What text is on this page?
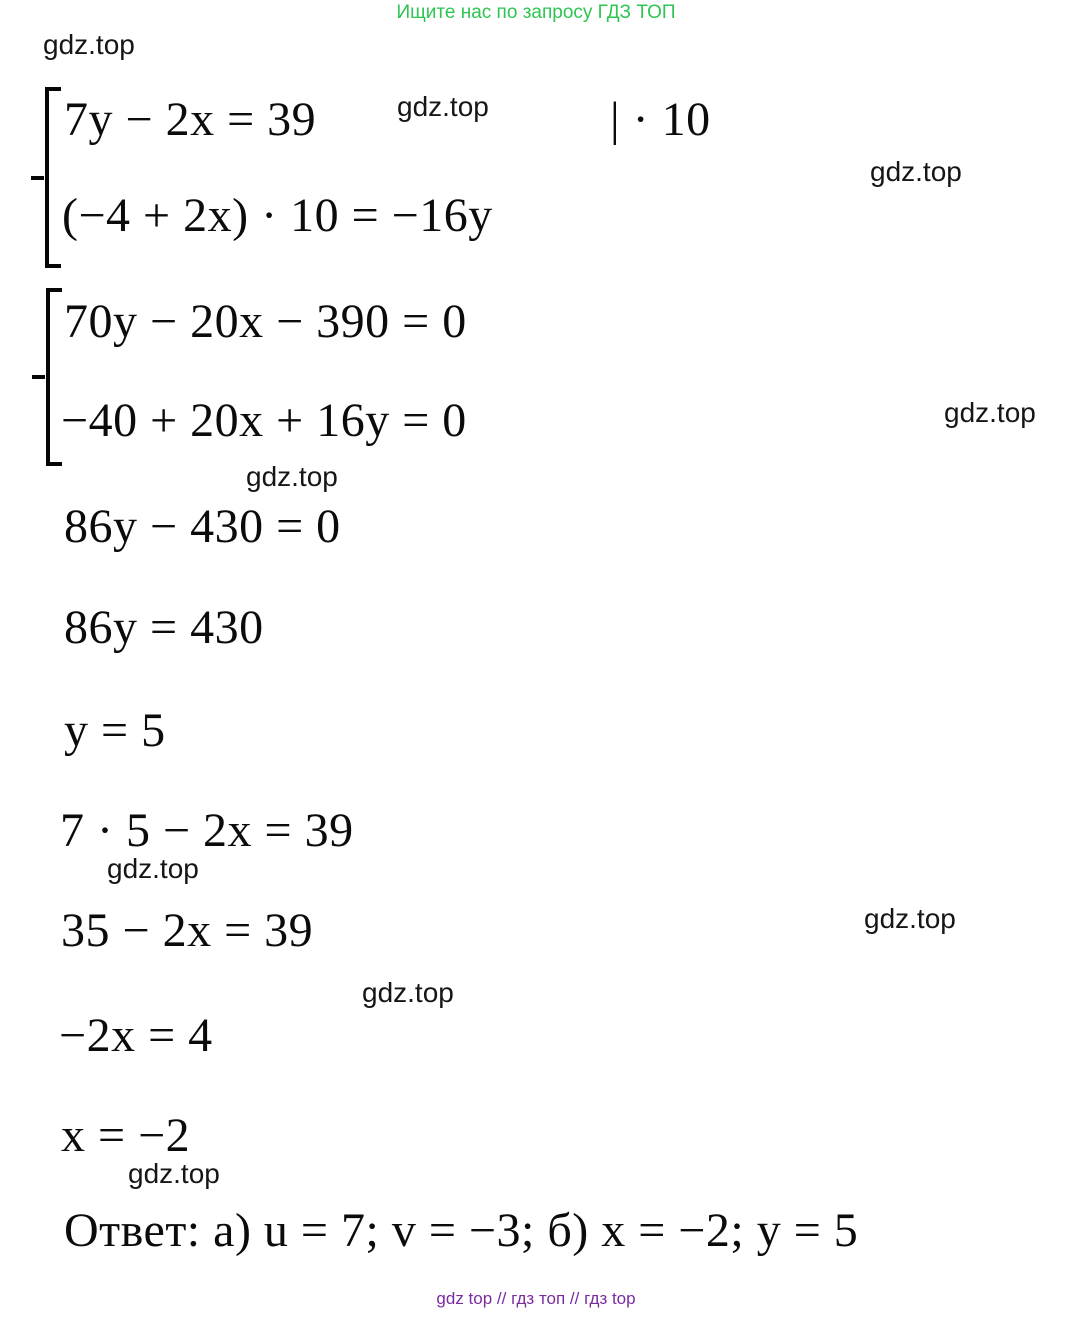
Ищите нас по запросу ГДЗ ТОП
gdz.top
gdz.top
gdz.top
gdz.top
gdz.top
gdz.top
gdz.top
gdz.top
gdz.top
7y − 2x = 39	| · 10
(−4 + 2x) · 10 = −16y
70y − 20x − 390 = 0
−40 + 20x + 16y = 0
86y − 430 = 0
86y = 430
y = 5
7 · 5 − 2x = 39
35 − 2x = 39
−2x = 4
x = −2
Ответ: а) u = 7; v = −3; б) x = −2; y = 5
gdz top // гдз топ // гдз top
